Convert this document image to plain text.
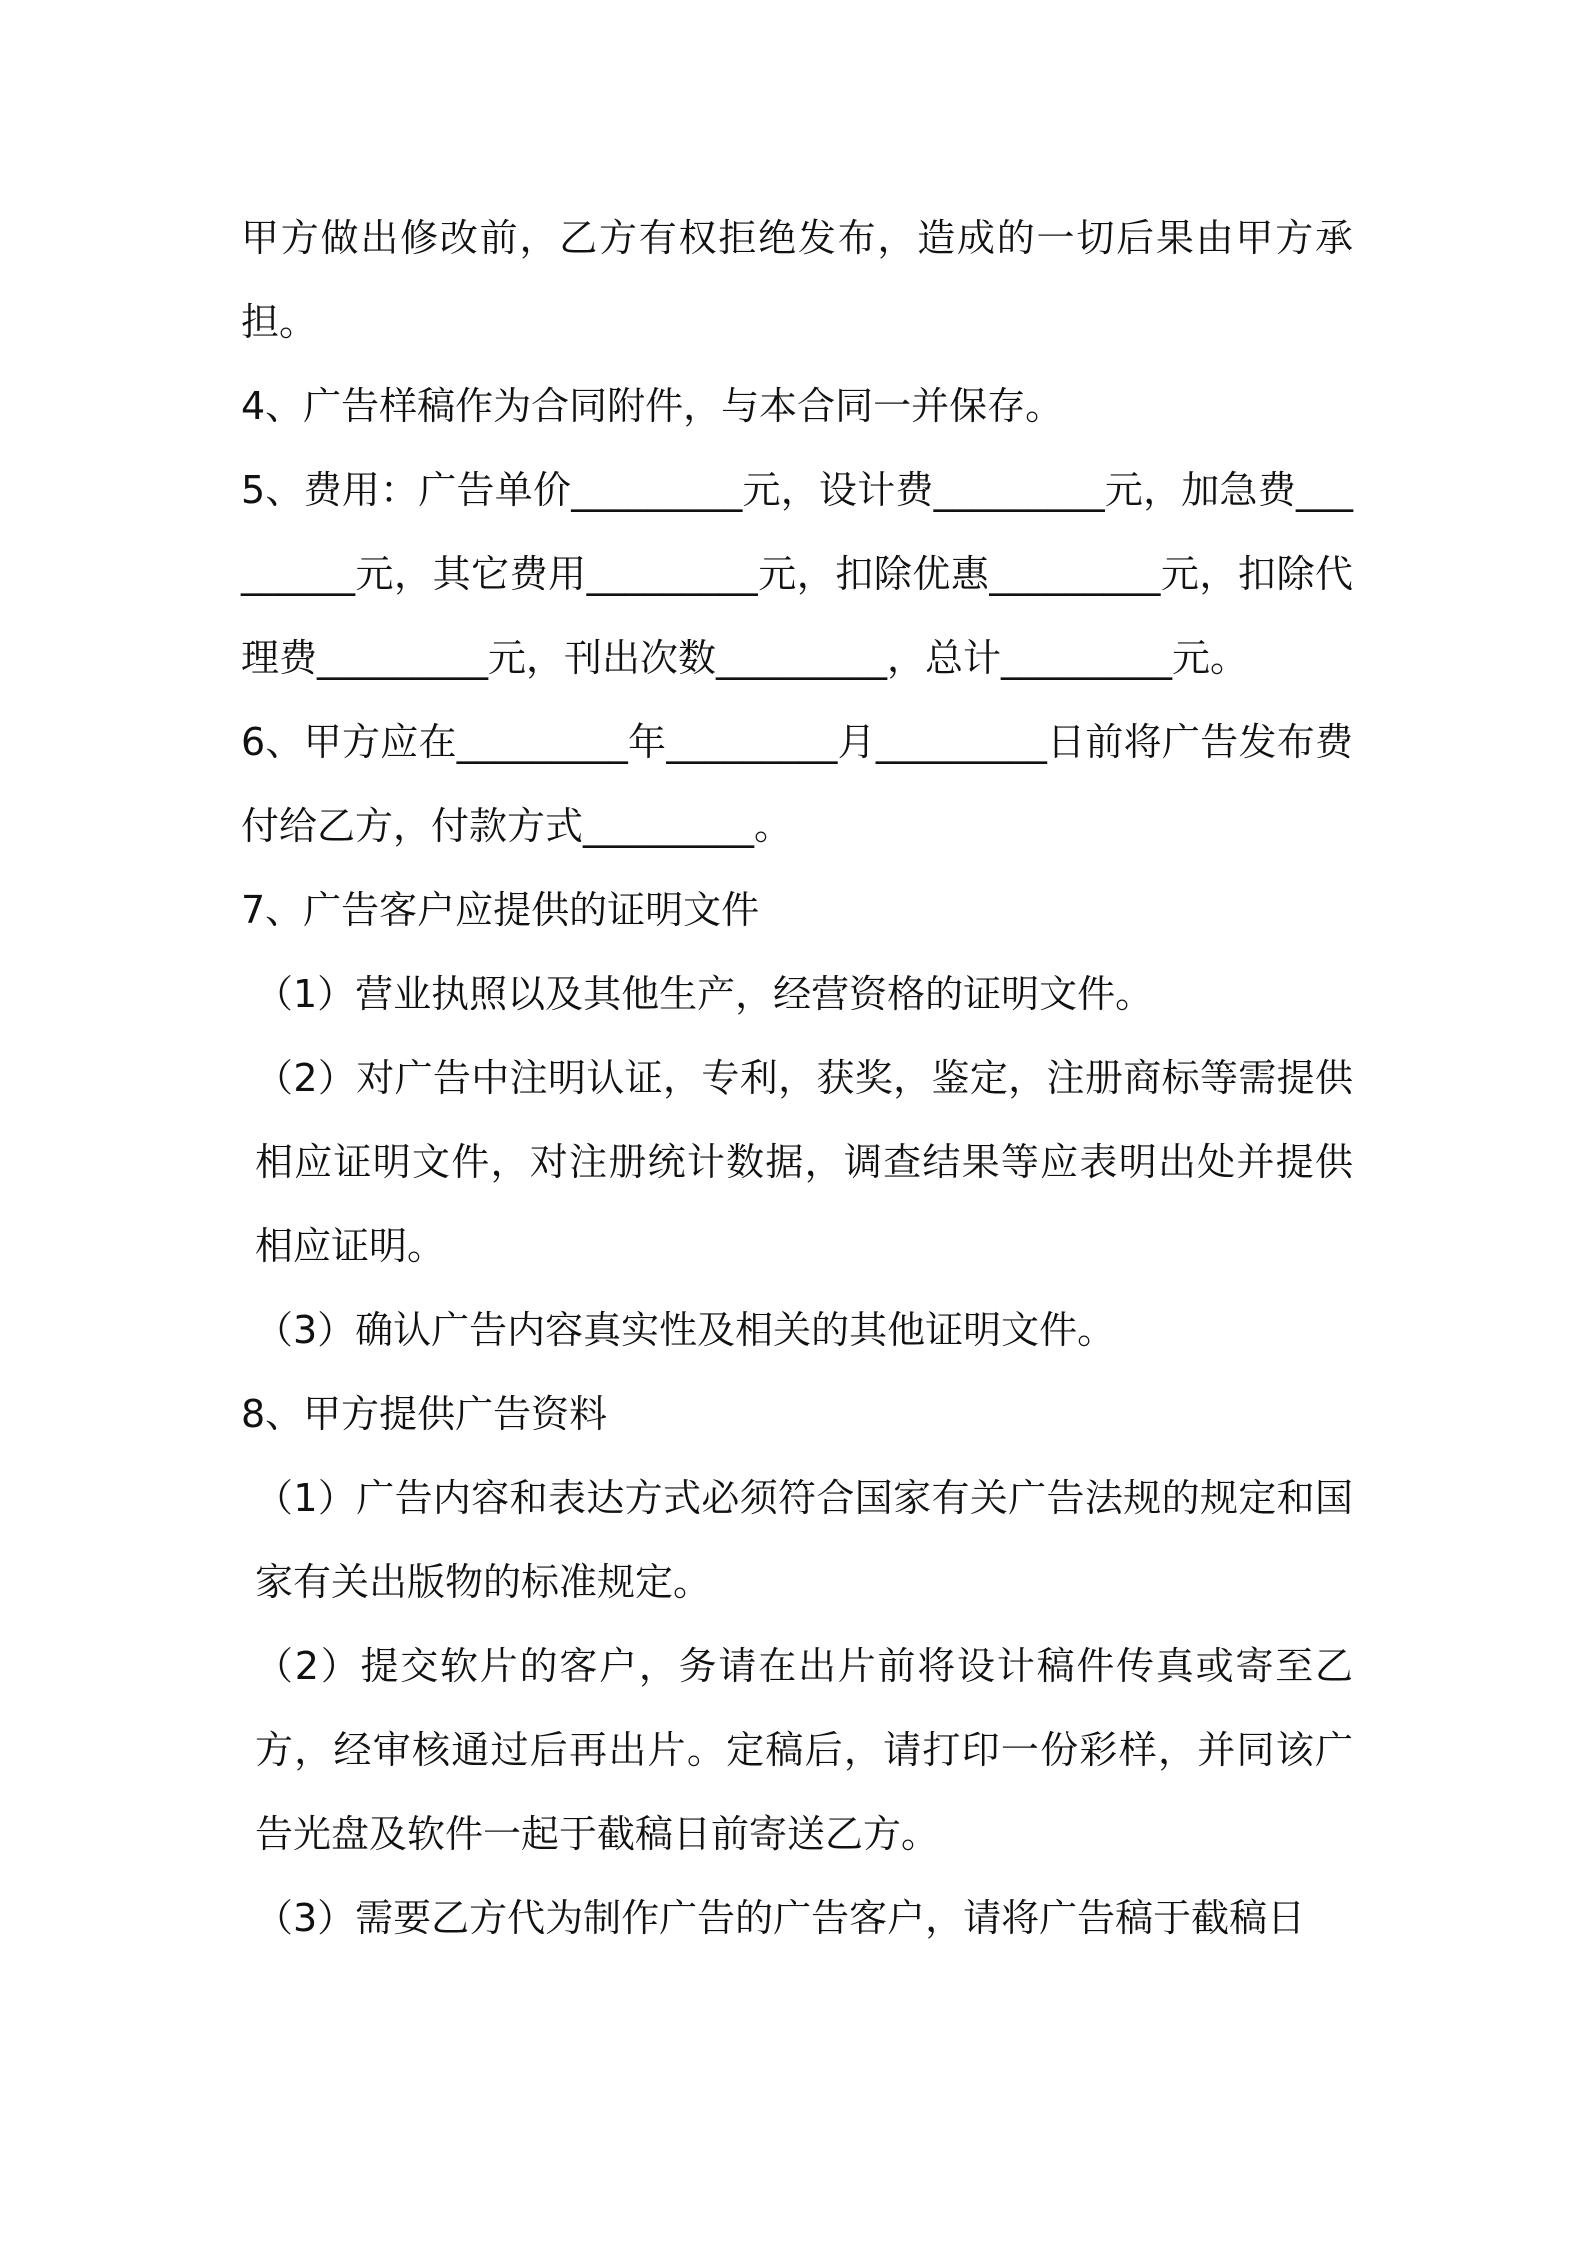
甲方做出修改前，乙方有权拒绝发布，造成的一切后果由甲方承担。

4、广告样稿作为合同附件，与本合同一并保存。

5、费用：广告单价_________元，设计费_________元，加急费_________元，其它费用_________元，扣除优惠_________元，扣除代理费_________元，刊出次数_________，总计_________元。

6、甲方应在_________年_________月_________日前将广告发布费付给乙方，付款方式_________。

7、广告客户应提供的证明文件

（1）营业执照以及其他生产，经营资格的证明文件。

（2）对广告中注明认证，专利，获奖，鉴定，注册商标等需提供相应证明文件，对注册统计数据，调查结果等应表明出处并提供相应证明。

（3）确认广告内容真实性及相关的其他证明文件。

8、甲方提供广告资料

（1）广告内容和表达方式必须符合国家有关广告法规的规定和国家有关出版物的标准规定。

（2）提交软片的客户，务请在出片前将设计稿件传真或寄至乙方，经审核通过后再出片。定稿后，请打印一份彩样，并同该广告光盘及软件一起于截稿日前寄送乙方。

（3）需要乙方代为制作广告的广告客户，请将广告稿于截稿日
